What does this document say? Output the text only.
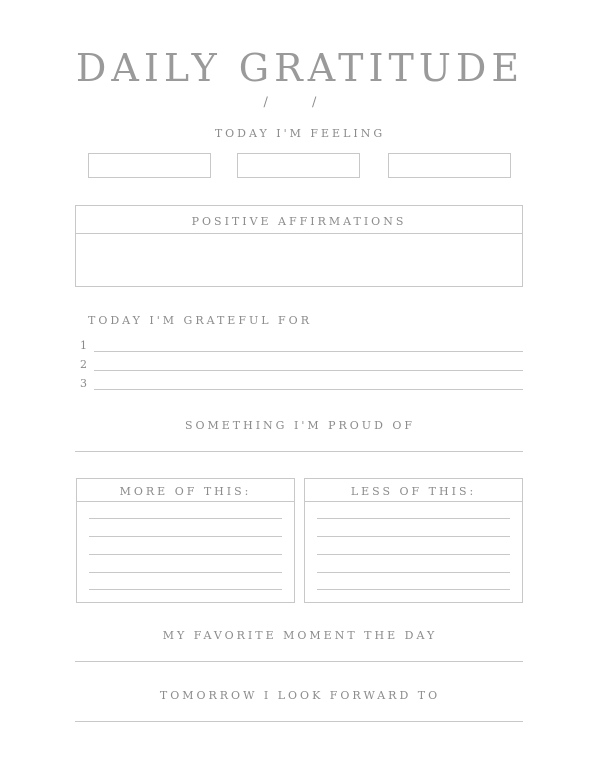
DAILY GRATITUDE
/ /
TODAY I'M FEELING
POSITIVE AFFIRMATIONS
TODAY I'M GRATEFUL FOR
1
2
3
SOMETHING I'M PROUD OF
MORE OF THIS:	LESS OF THIS:
MY FAVORITE MOMENT THE DAY
TOMORROW I LOOK FORWARD TO
